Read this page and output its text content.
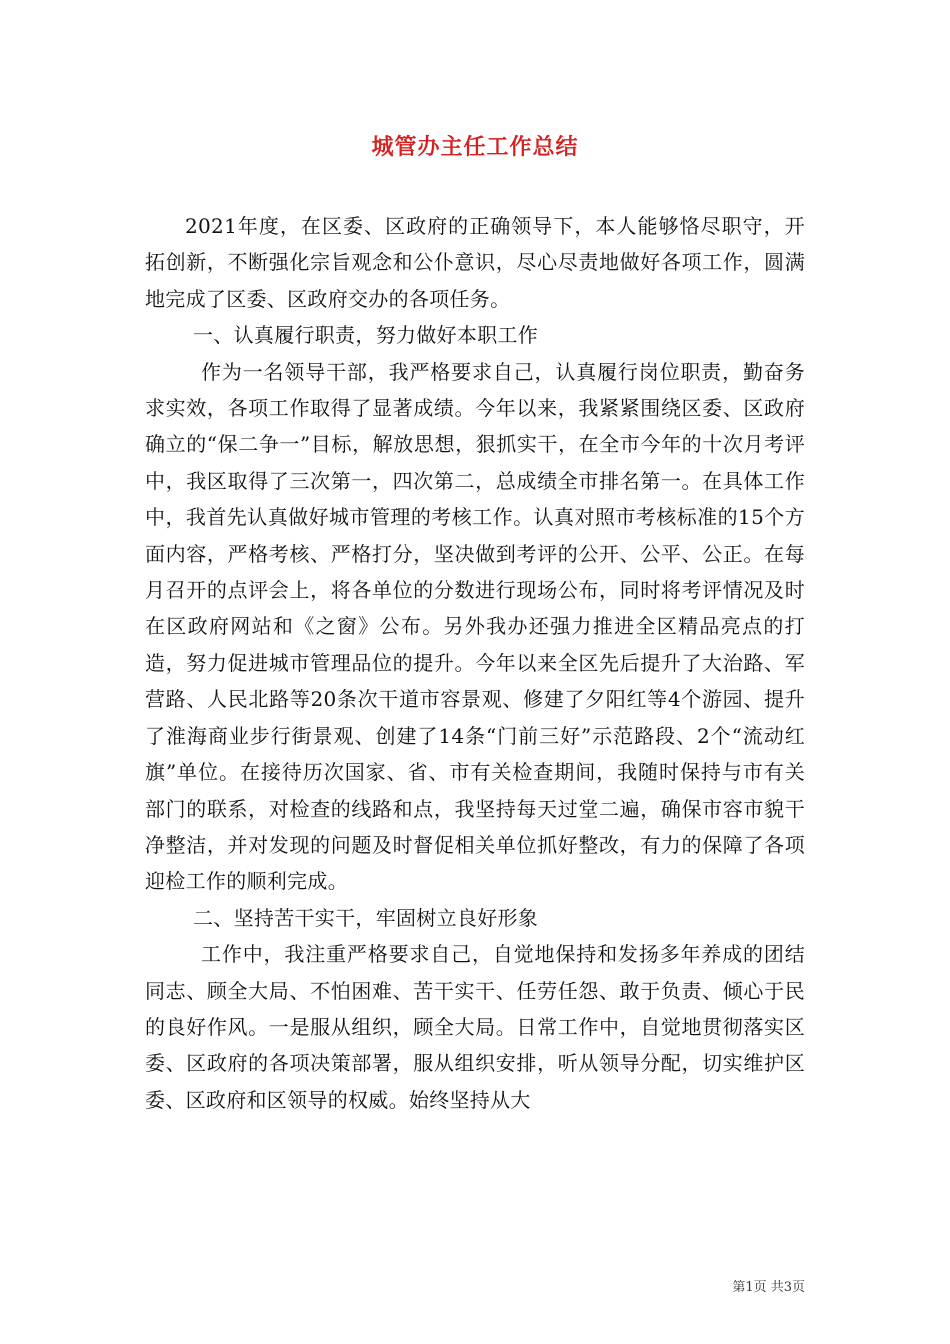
城管办主任工作总结

2021年度，在区委、区政府的正确领导下，本人能够恪尽职守，开拓创新，不断强化宗旨观念和公仆意识，尽心尽责地做好各项工作，圆满地完成了区委、区政府交办的各项任务。

一、认真履行职责，努力做好本职工作

作为一名领导干部，我严格要求自己，认真履行岗位职责，勤奋务求实效，各项工作取得了显著成绩。今年以来，我紧紧围绕区委、区政府确立的“保二争一”目标，解放思想，狠抓实干，在全市今年的十次月考评中，我区取得了三次第一，四次第二，总成绩全市排名第一。在具体工作中，我首先认真做好城市管理的考核工作。认真对照市考核标准的15个方面内容，严格考核、严格打分，坚决做到考评的公开、公平、公正。在每月召开的点评会上，将各单位的分数进行现场公布，同时将考评情况及时在区政府网站和《之窗》公布。另外我办还强力推进全区精品亮点的打造，努力促进城市管理品位的提升。今年以来全区先后提升了大治路、军营路、人民北路等20条次干道市容景观、修建了夕阳红等4个游园、提升了淮海商业步行街景观、创建了14条“门前三好”示范路段、2个“流动红旗”单位。在接待历次国家、省、市有关检查期间，我随时保持与市有关部门的联系，对检查的线路和点，我坚持每天过堂二遍，确保市容市貌干净整洁，并对发现的问题及时督促相关单位抓好整改，有力的保障了各项迎检工作的顺利完成。

二、坚持苦干实干，牢固树立良好形象

工作中，我注重严格要求自己，自觉地保持和发扬多年养成的团结同志、顾全大局、不怕困难、苦干实干、任劳任怨、敢于负责、倾心于民的良好作风。一是服从组织，顾全大局。日常工作中，自觉地贯彻落实区委、区政府的各项决策部署，服从组织安排，听从领导分配，切实维护区委、区政府和区领导的权威。始终坚持从大

第1页 共3页
